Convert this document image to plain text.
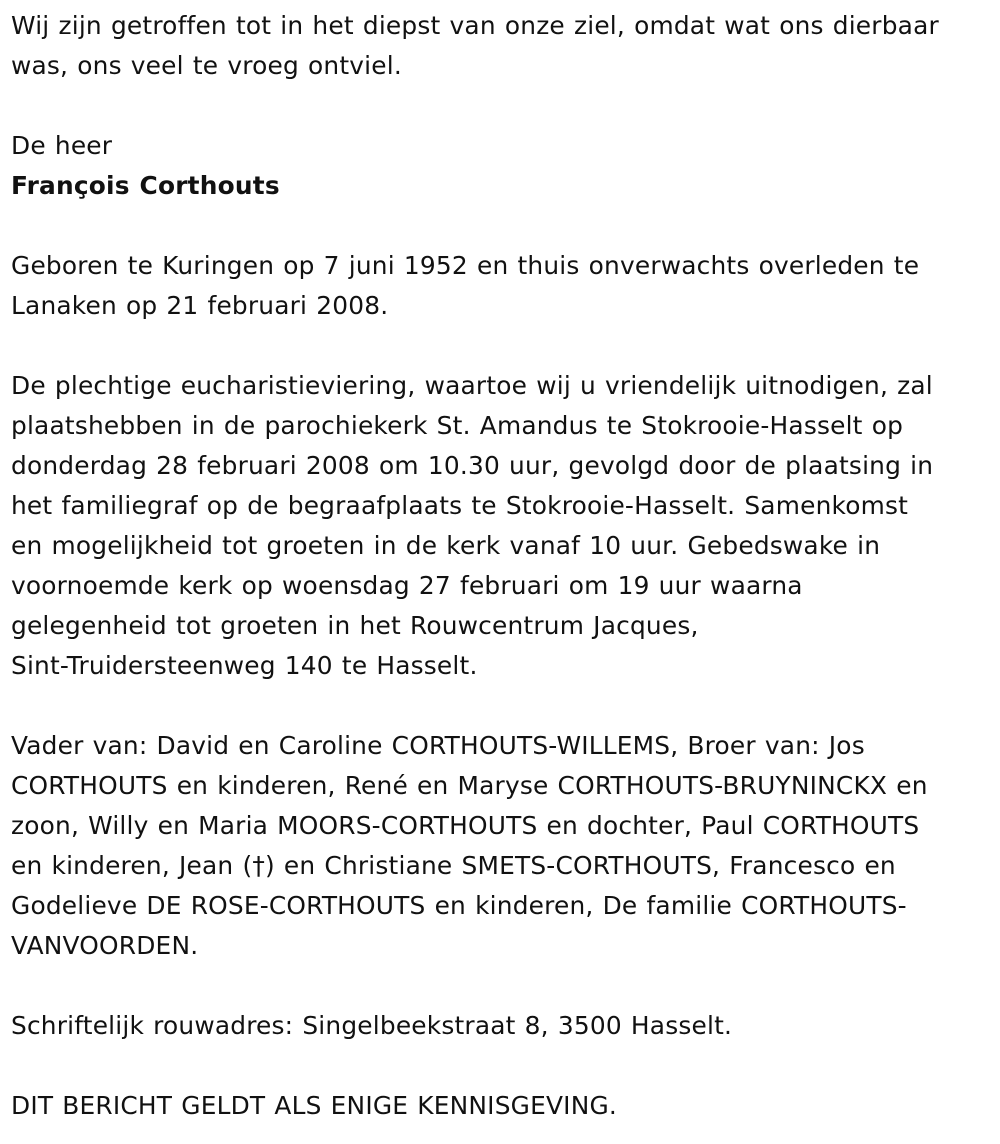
Wij zijn getroffen tot in het diepst van onze ziel, omdat wat ons dierbaar
was, ons veel te vroeg ontviel.
De heer
François Corthouts
Geboren te Kuringen op 7 juni 1952 en thuis onverwachts overleden te
Lanaken op 21 februari 2008.
De plechtige eucharistieviering, waartoe wij u vriendelijk uitnodigen, zal
plaatshebben in de parochiekerk St. Amandus te Stokrooie-Hasselt op
donderdag 28 februari 2008 om 10.30 uur, gevolgd door de plaatsing in
het familiegraf op de begraafplaats te Stokrooie-Hasselt. Samenkomst
en mogelijkheid tot groeten in de kerk vanaf 10 uur. Gebedswake in
voornoemde kerk op woensdag 27 februari om 19 uur waarna
gelegenheid tot groeten in het Rouwcentrum Jacques,
Sint-Truidersteenweg 140 te Hasselt.
Vader van: David en Caroline CORTHOUTS-WILLEMS, Broer van: Jos
CORTHOUTS en kinderen, René en Maryse CORTHOUTS-BRUYNINCKX en
zoon, Willy en Maria MOORS-CORTHOUTS en dochter, Paul CORTHOUTS
en kinderen, Jean (†) en Christiane SMETS-CORTHOUTS, Francesco en
Godelieve DE ROSE-CORTHOUTS en kinderen, De familie CORTHOUTS-
VANVOORDEN.
Schriftelijk rouwadres: Singelbeekstraat 8, 3500 Hasselt.
DIT BERICHT GELDT ALS ENIGE KENNISGEVING.
